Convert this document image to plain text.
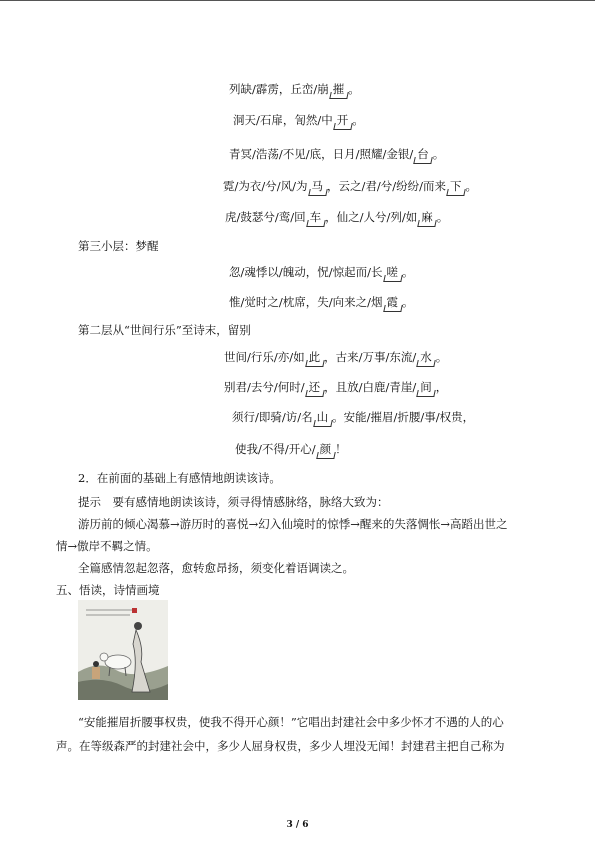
列缺/霹雳，丘峦/崩 摧 。
洞天/石扉，訇然/中 开 。
青冥/浩荡/不见/底，日月/照耀/金银/ 台 。
霓/为衣/兮/风/为 马 ，云之/君/兮/纷纷/而来 下 。
虎/鼓瑟兮/鸾/回 车 ，仙之/人兮/列/如 麻 。
第三小层：梦醒
忽/魂悸以/魄动，怳/惊起而/长 嗟 。
惟/觉时之/枕席，失/向来之/烟 霞 。
第二层从“世间行乐”至诗末，留别
世间/行乐/亦/如 此 ，古来/万事/东流/ 水 。
别君/去兮/何时/ 还 ，且放/白鹿/青崖/ 间 ，
须行/即骑/访/名 山 。安能/摧眉/折腰/事/权贵，
使我/不得/开心/ 颜 ！
2．在前面的基础上有感情地朗读该诗。
提示　要有感情地朗读该诗，须寻得情感脉络，脉络大致为：
游历前的倾心渴慕→游历时的喜悦→幻入仙境时的惊悸→醒来的失落惆怅→高蹈出世之
情→傲岸不羁之情。
全篇感情忽起忽落，愈转愈昂扬，须变化着语调读之。
五、悟读，诗情画境
“安能摧眉折腰事权贵，使我不得开心颜！”它唱出封建社会中多少怀才不遇的人的心
声。在等级森严的封建社会中，多少人屈身权贵，多少人埋没无闻！封建君主把自己称为
3 / 6
